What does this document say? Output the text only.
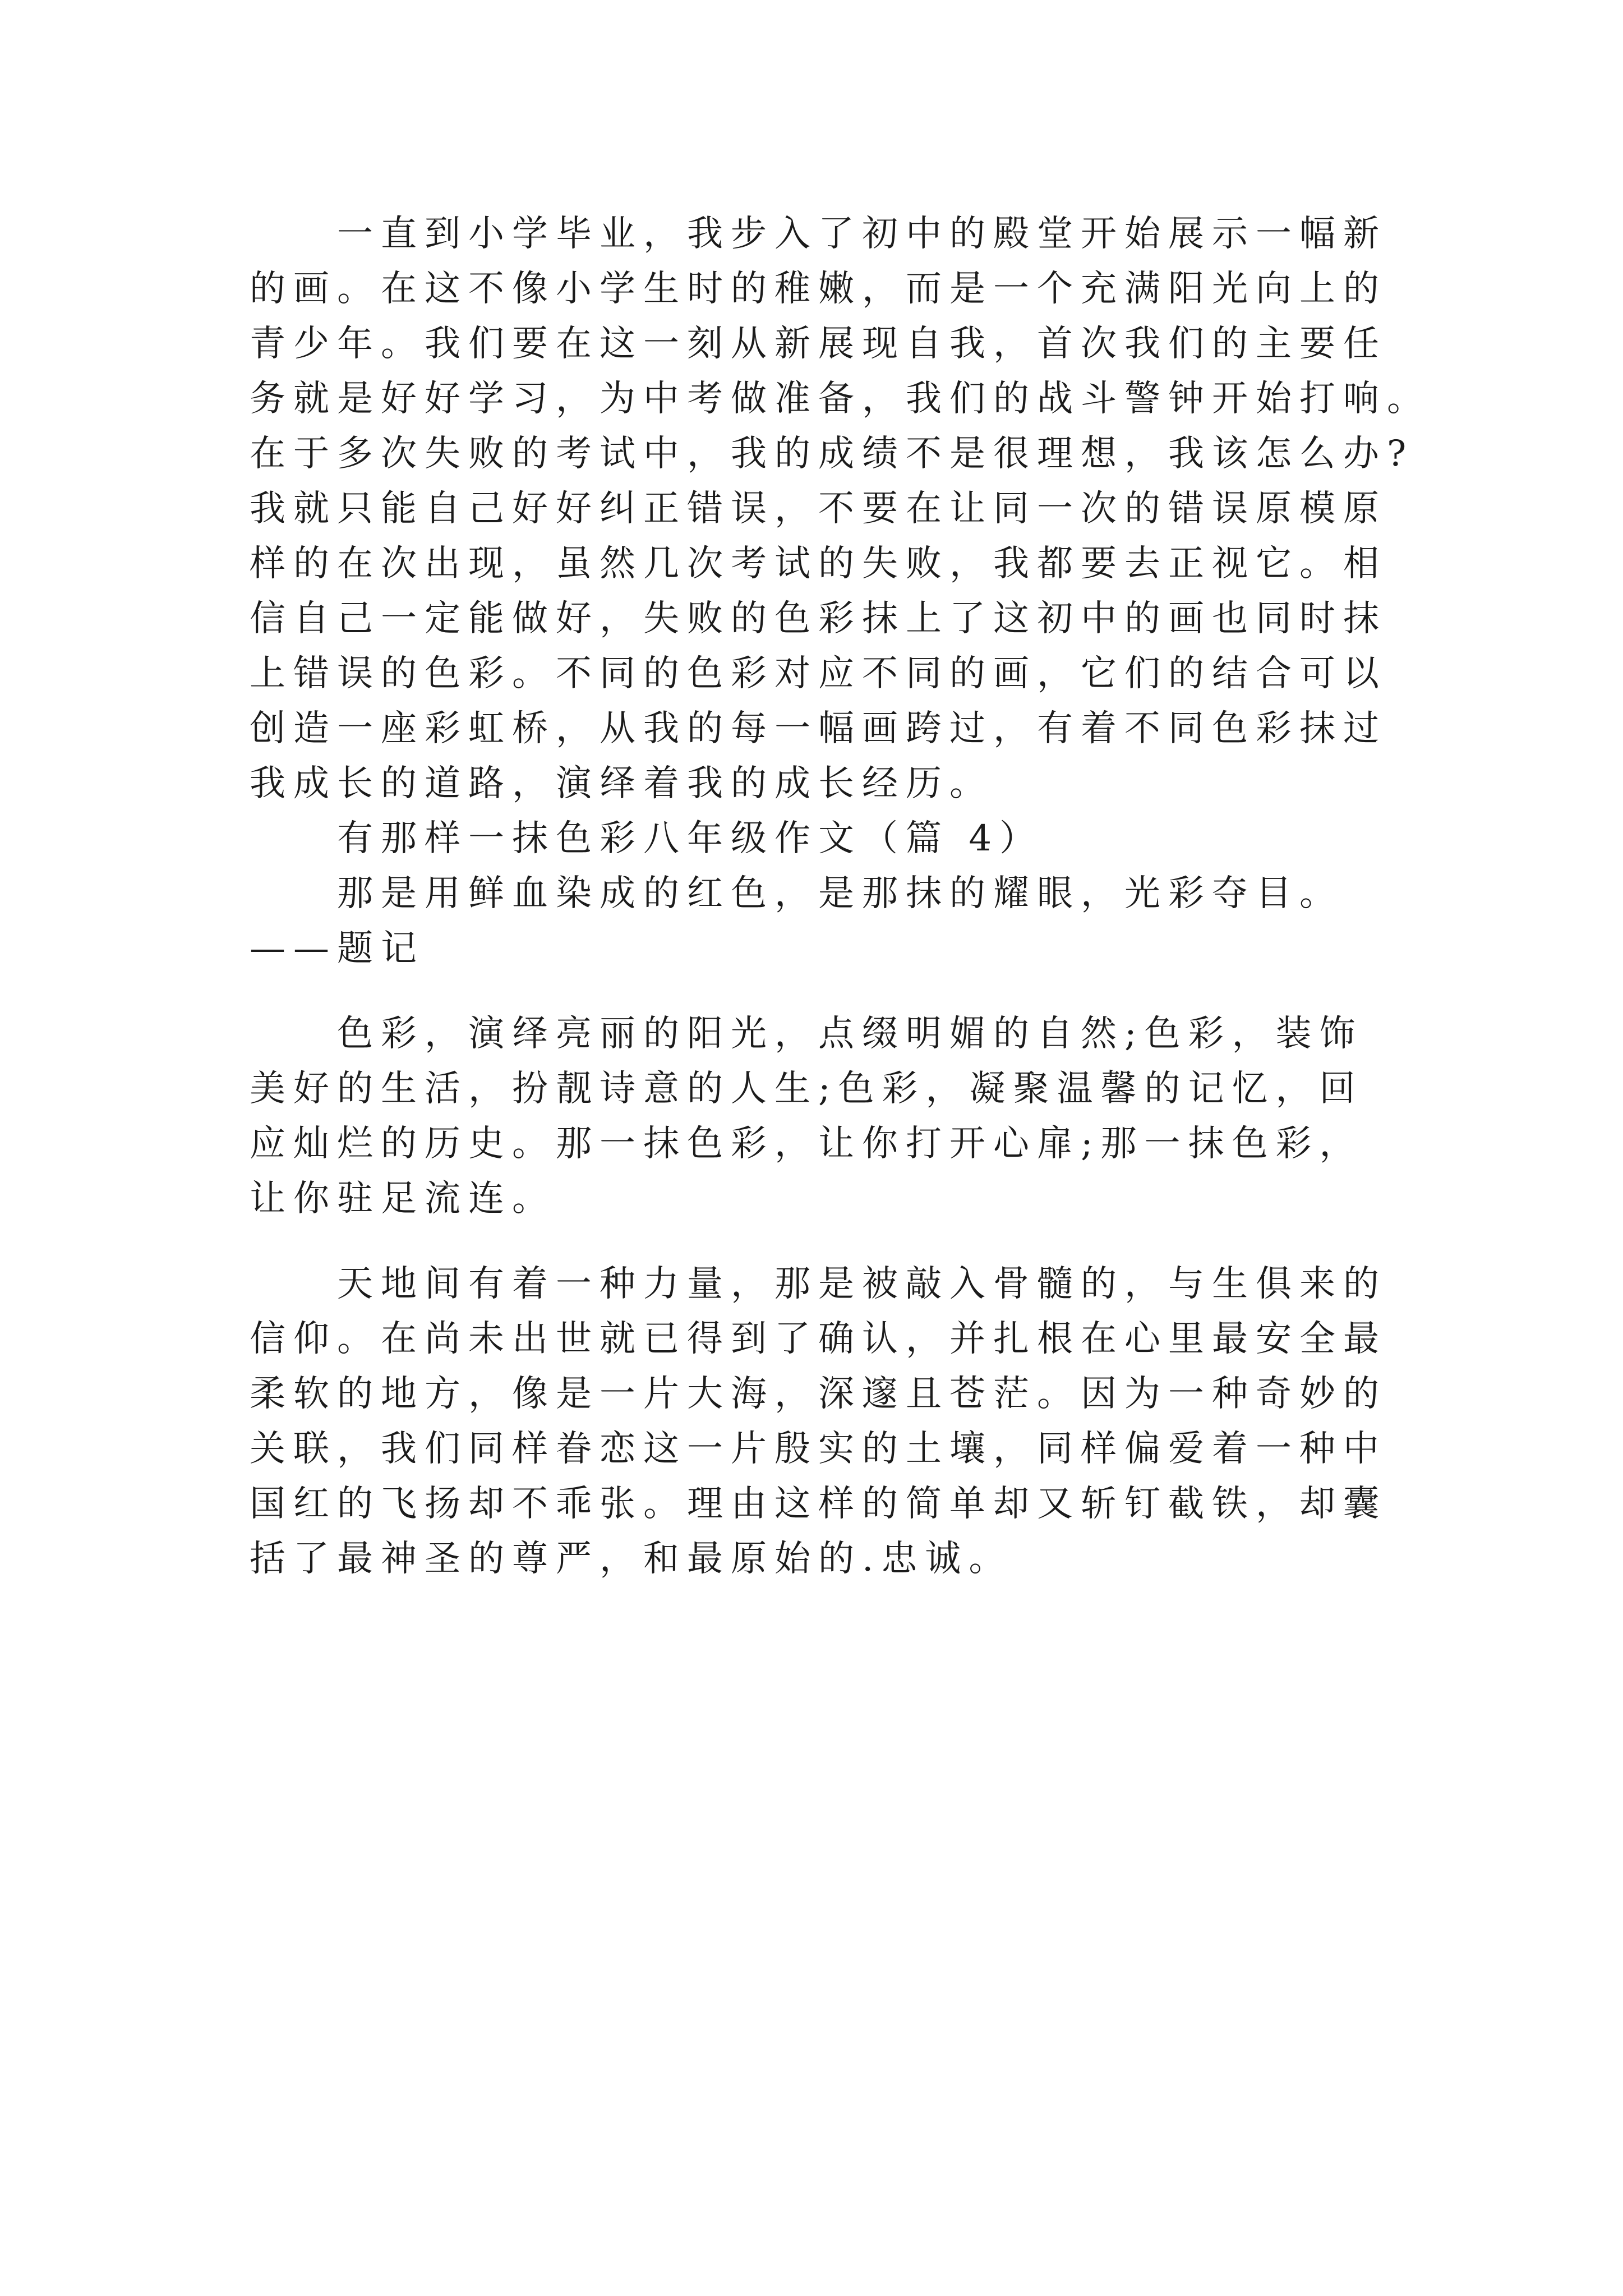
　　一直到小学毕业，我步入了初中的殿堂开始展示一幅新
的画。在这不像小学生时的稚嫩，而是一个充满阳光向上的
青少年。我们要在这一刻从新展现自我，首次我们的主要任
务就是好好学习，为中考做准备，我们的战斗警钟开始打响。
在于多次失败的考试中，我的成绩不是很理想，我该怎么办?
我就只能自己好好纠正错误，不要在让同一次的错误原模原
样的在次出现，虽然几次考试的失败，我都要去正视它。相
信自己一定能做好，失败的色彩抹上了这初中的画也同时抹
上错误的色彩。不同的色彩对应不同的画，它们的结合可以
创造一座彩虹桥，从我的每一幅画跨过，有着不同色彩抹过
我成长的道路，演绎着我的成长经历。
　　有那样一抹色彩八年级作文（篇 4）
　　那是用鲜血染成的红色，是那抹的耀眼，光彩夺目。
——题记
　　色彩，演绎亮丽的阳光，点缀明媚的自然;色彩，装饰
美好的生活，扮靓诗意的人生;色彩，凝聚温馨的记忆，回
应灿烂的历史。那一抹色彩，让你打开心扉;那一抹色彩，
让你驻足流连。
　　天地间有着一种力量，那是被敲入骨髓的，与生俱来的
信仰。在尚未出世就已得到了确认，并扎根在心里最安全最
柔软的地方，像是一片大海，深邃且苍茫。因为一种奇妙的
关联，我们同样眷恋这一片殷实的土壤，同样偏爱着一种中
国红的飞扬却不乖张。理由这样的简单却又斩钉截铁，却囊
括了最神圣的尊严，和最原始的.忠诚。
